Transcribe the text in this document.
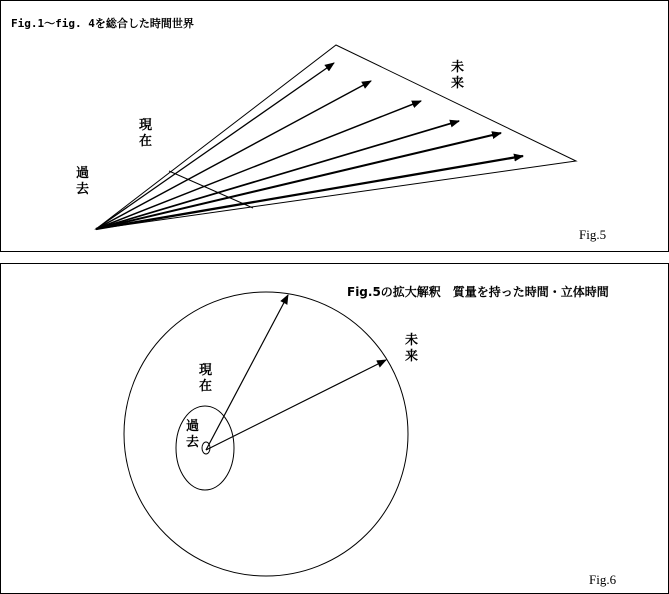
Fig.1〜fig. 4を総合した時間世界
現
在
過
去
未
来
Fig.5
Fig.5の拡大解釈　質量を持った時間・立体時間
現
在
過
去
未
来
Fig.6
